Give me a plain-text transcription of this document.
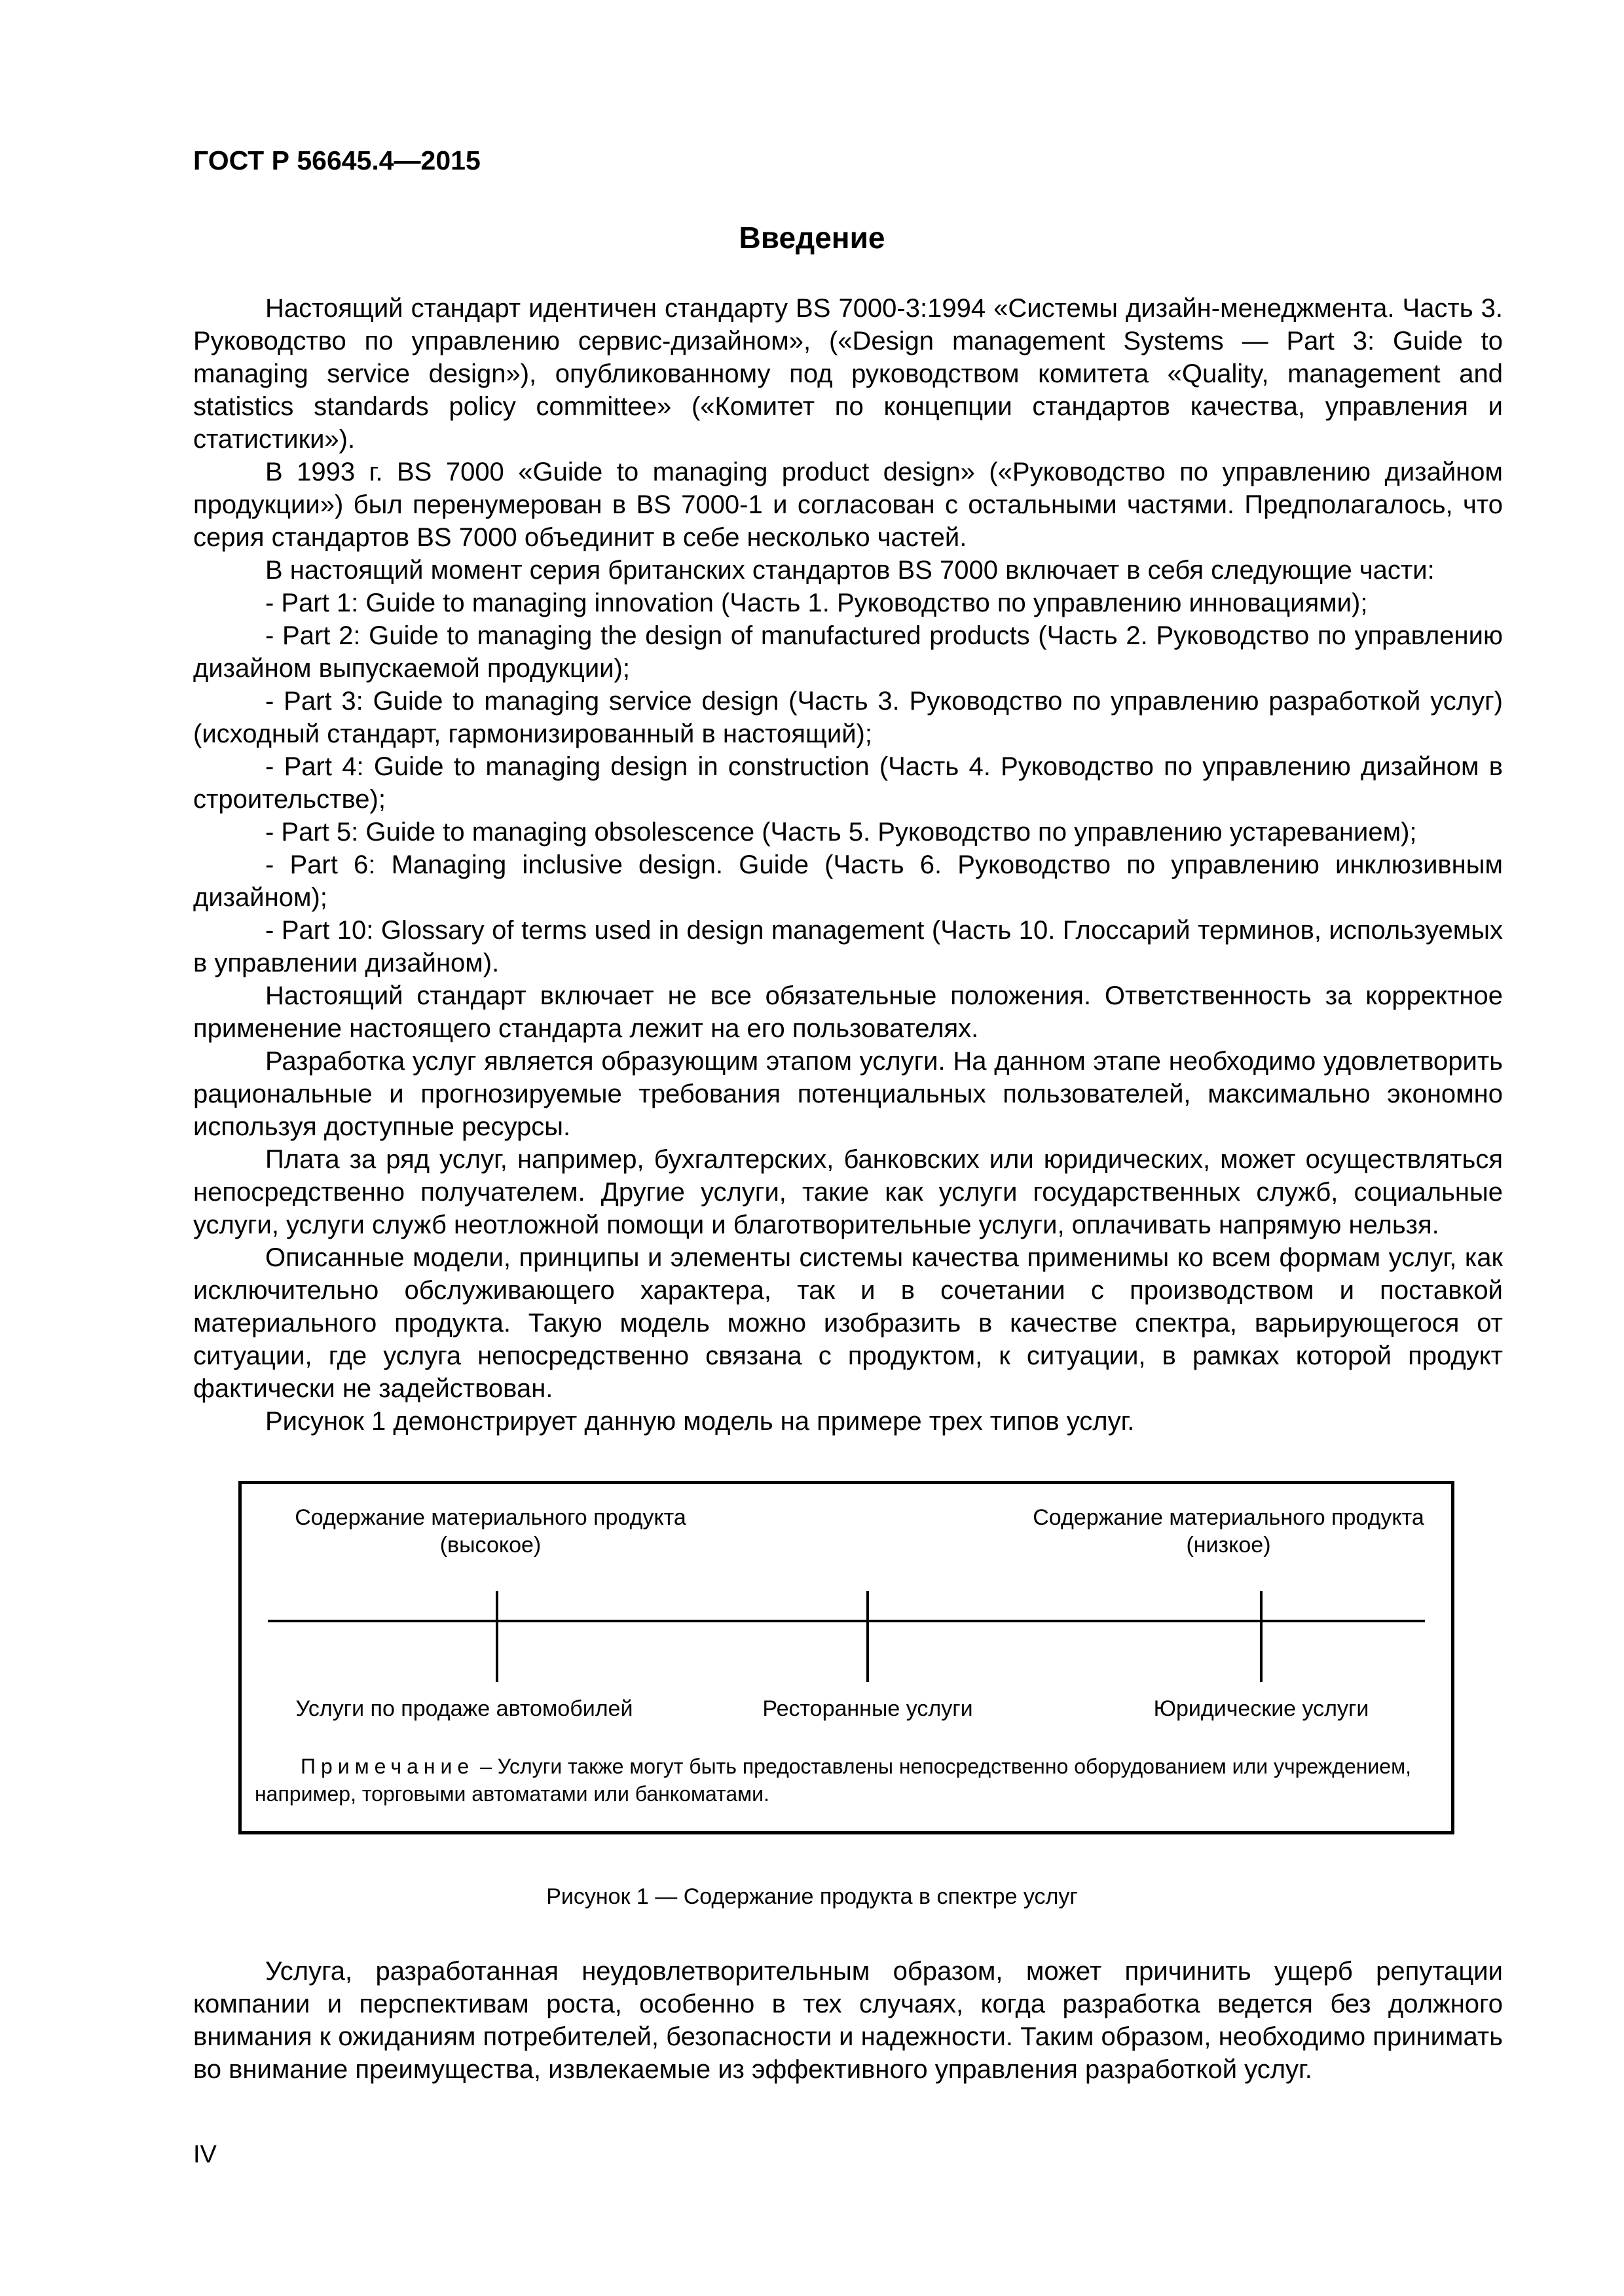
ГОСТ Р 56645.4—2015
Введение

Настоящий стандарт идентичен стандарту BS 7000-3:1994 «Системы дизайн-менеджмента. Часть 3. Руководство по управлению сервис-дизайном», («Design management Systems — Part 3: Guide to managing service design»), опубликованному под руководством комитета «Quality, management and statistics standards policy committee» («Комитет по концепции стандартов качества, управления и статистики»).

В 1993 г. BS 7000 «Guide to managing product design» («Руководство по управлению дизайном продукции») был перенумерован в BS 7000-1 и согласован с остальными частями. Предполагалось, что серия стандартов BS 7000 объединит в себе несколько частей.

В настоящий момент серия британских стандартов BS 7000 включает в себя следующие части:

- Part 1: Guide to managing innovation (Часть 1. Руководство по управлению инновациями);

- Part 2: Guide to managing the design of manufactured products (Часть 2. Руководство по управлению дизайном выпускаемой продукции);

- Part 3: Guide to managing service design (Часть 3. Руководство по управлению разработкой услуг) (исходный стандарт, гармонизированный в настоящий);

- Part 4: Guide to managing design in construction (Часть 4. Руководство по управлению дизайном в строительстве);

- Part 5: Guide to managing obsolescence (Часть 5. Руководство по управлению устареванием);

- Part 6: Managing inclusive design. Guide (Часть 6. Руководство по управлению инклюзивным дизайном);

- Part 10: Glossary of terms used in design management (Часть 10. Глоссарий терминов, используемых в управлении дизайном).

Настоящий стандарт включает не все обязательные положения. Ответственность за корректное применение настоящего стандарта лежит на его пользователях.

Разработка услуг является образующим этапом услуги. На данном этапе необходимо удовлетворить рациональные и прогнозируемые требования потенциальных пользователей, максимально экономно используя доступные ресурсы.

Плата за ряд услуг, например, бухгалтерских, банковских или юридических, может осуществляться непосредственно получателем. Другие услуги, такие как услуги государственных служб, социальные услуги, услуги служб неотложной помощи и благотворительные услуги, оплачивать напрямую нельзя.

Описанные модели, принципы и элементы системы качества применимы ко всем формам услуг, как исключительно обслуживающего характера, так и в сочетании с производством и поставкой материального продукта. Такую модель можно изобразить в качестве спектра, варьирующегося от ситуации, где услуга непосредственно связана с продуктом, к ситуации, в рамках которой продукт фактически не задействован.

Рисунок 1 демонстрирует данную модель на примере трех типов услуг.

Содержание материального продукта
(высокое)
Содержание материального продукта
(низкое)
Услуги по продаже автомобилей	Ресторанные услуги	Юридические услуги

Примечание – Услуги также могут быть предоставлены непосредственно оборудованием или учреждением, например, торговыми автоматами или банкоматами.

Рисунок 1 — Содержание продукта в спектре услуг

Услуга, разработанная неудовлетворительным образом, может причинить ущерб репутации компании и перспективам роста, особенно в тех случаях, когда разработка ведется без должного внимания к ожиданиям потребителей, безопасности и надежности. Таким образом, необходимо принимать во внимание преимущества, извлекаемые из эффективного управления разработкой услуг.

IV
